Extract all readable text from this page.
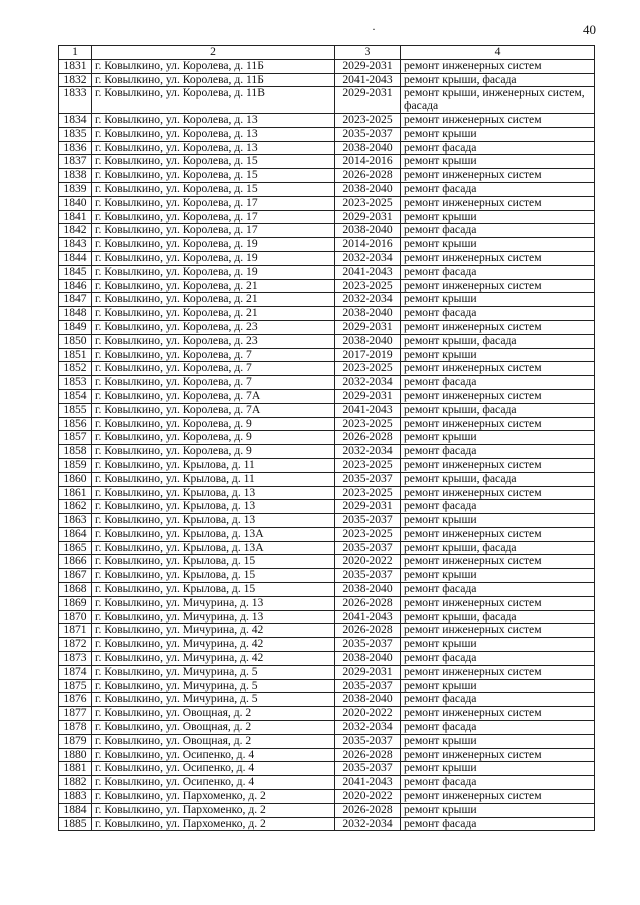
·	40
1	2	3	4
1831	г. Ковылкино, ул. Королева, д. 11Б	2029-2031	ремонт инженерных систем
1832	г. Ковылкино, ул. Королева, д. 11Б	2041-2043	ремонт крыши, фасада
1833	г. Ковылкино, ул. Королева, д. 11В	2029-2031	ремонт крыши, инженерных систем, фасада
1834	г. Ковылкино, ул. Королева, д. 13	2023-2025	ремонт инженерных систем
1835	г. Ковылкино, ул. Королева, д. 13	2035-2037	ремонт крыши
1836	г. Ковылкино, ул. Королева, д. 13	2038-2040	ремонт фасада
1837	г. Ковылкино, ул. Королева, д. 15	2014-2016	ремонт крыши
1838	г. Ковылкино, ул. Королева, д. 15	2026-2028	ремонт инженерных систем
1839	г. Ковылкино, ул. Королева, д. 15	2038-2040	ремонт фасада
1840	г. Ковылкино, ул. Королева, д. 17	2023-2025	ремонт инженерных систем
1841	г. Ковылкино, ул. Королева, д. 17	2029-2031	ремонт крыши
1842	г. Ковылкино, ул. Королева, д. 17	2038-2040	ремонт фасада
1843	г. Ковылкино, ул. Королева, д. 19	2014-2016	ремонт крыши
1844	г. Ковылкино, ул. Королева, д. 19	2032-2034	ремонт инженерных систем
1845	г. Ковылкино, ул. Королева, д. 19	2041-2043	ремонт фасада
1846	г. Ковылкино, ул. Королева, д. 21	2023-2025	ремонт инженерных систем
1847	г. Ковылкино, ул. Королева, д. 21	2032-2034	ремонт крыши
1848	г. Ковылкино, ул. Королева, д. 21	2038-2040	ремонт фасада
1849	г. Ковылкино, ул. Королева, д. 23	2029-2031	ремонт инженерных систем
1850	г. Ковылкино, ул. Королева, д. 23	2038-2040	ремонт крыши, фасада
1851	г. Ковылкино, ул. Королева, д. 7	2017-2019	ремонт крыши
1852	г. Ковылкино, ул. Королева, д. 7	2023-2025	ремонт инженерных систем
1853	г. Ковылкино, ул. Королева, д. 7	2032-2034	ремонт фасада
1854	г. Ковылкино, ул. Королева, д. 7А	2029-2031	ремонт инженерных систем
1855	г. Ковылкино, ул. Королева, д. 7А	2041-2043	ремонт крыши, фасада
1856	г. Ковылкино, ул. Королева, д. 9	2023-2025	ремонт инженерных систем
1857	г. Ковылкино, ул. Королева, д. 9	2026-2028	ремонт крыши
1858	г. Ковылкино, ул. Королева, д. 9	2032-2034	ремонт фасада
1859	г. Ковылкино, ул. Крылова, д. 11	2023-2025	ремонт инженерных систем
1860	г. Ковылкино, ул. Крылова, д. 11	2035-2037	ремонт крыши, фасада
1861	г. Ковылкино, ул. Крылова, д. 13	2023-2025	ремонт инженерных систем
1862	г. Ковылкино, ул. Крылова, д. 13	2029-2031	ремонт фасада
1863	г. Ковылкино, ул. Крылова, д. 13	2035-2037	ремонт крыши
1864	г. Ковылкино, ул. Крылова, д. 13А	2023-2025	ремонт инженерных систем
1865	г. Ковылкино, ул. Крылова, д. 13А	2035-2037	ремонт крыши, фасада
1866	г. Ковылкино, ул. Крылова, д. 15	2020-2022	ремонт инженерных систем
1867	г. Ковылкино, ул. Крылова, д. 15	2035-2037	ремонт крыши
1868	г. Ковылкино, ул. Крылова, д. 15	2038-2040	ремонт фасада
1869	г. Ковылкино, ул. Мичурина, д. 13	2026-2028	ремонт инженерных систем
1870	г. Ковылкино, ул. Мичурина, д. 13	2041-2043	ремонт крыши, фасада
1871	г. Ковылкино, ул. Мичурина, д. 42	2026-2028	ремонт инженерных систем
1872	г. Ковылкино, ул. Мичурина, д. 42	2035-2037	ремонт крыши
1873	г. Ковылкино, ул. Мичурина, д. 42	2038-2040	ремонт фасада
1874	г. Ковылкино, ул. Мичурина, д. 5	2029-2031	ремонт инженерных систем
1875	г. Ковылкино, ул. Мичурина, д. 5	2035-2037	ремонт крыши
1876	г. Ковылкино, ул. Мичурина, д. 5	2038-2040	ремонт фасада
1877	г. Ковылкино, ул. Овощная, д. 2	2020-2022	ремонт инженерных систем
1878	г. Ковылкино, ул. Овощная, д. 2	2032-2034	ремонт фасада
1879	г. Ковылкино, ул. Овощная, д. 2	2035-2037	ремонт крыши
1880	г. Ковылкино, ул. Осипенко, д. 4	2026-2028	ремонт инженерных систем
1881	г. Ковылкино, ул. Осипенко, д. 4	2035-2037	ремонт крыши
1882	г. Ковылкино, ул. Осипенко, д. 4	2041-2043	ремонт фасада
1883	г. Ковылкино, ул. Пархоменко, д. 2	2020-2022	ремонт инженерных систем
1884	г. Ковылкино, ул. Пархоменко, д. 2	2026-2028	ремонт крыши
1885	г. Ковылкино, ул. Пархоменко, д. 2	2032-2034	ремонт фасада
